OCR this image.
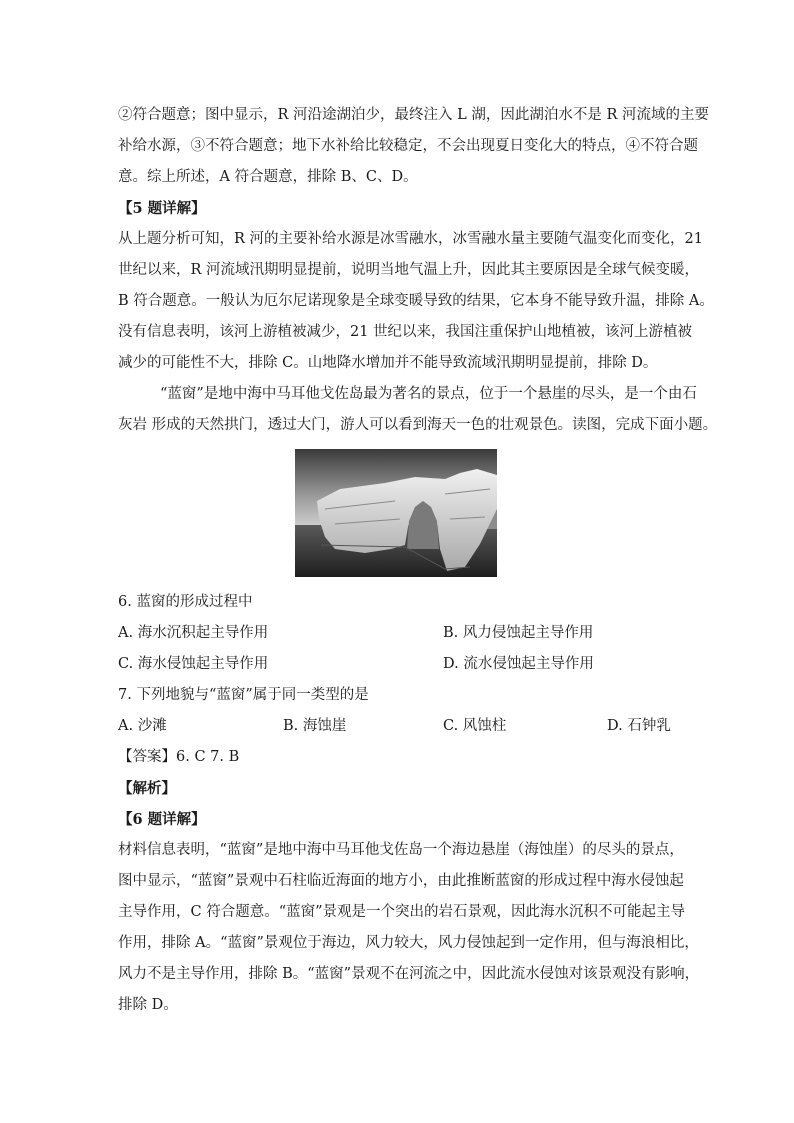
②符合题意；图中显示，R 河沿途湖泊少，最终注入 L 湖，因此湖泊水不是 R 河流域的主要
补给水源，③不符合题意；地下水补给比较稳定，不会出现夏日变化大的特点，④不符合题
意。综上所述，A 符合题意，排除 B、C、D。
【5 题详解】
从上题分析可知，R 河的主要补给水源是冰雪融水，冰雪融水量主要随气温变化而变化，21
世纪以来，R 河流域汛期明显提前，说明当地气温上升，因此其主要原因是全球气候变暖，
B 符合题意。一般认为厄尔尼诺现象是全球变暖导致的结果，它本身不能导致升温，排除 A。
没有信息表明，该河上游植被减少，21 世纪以来，我国注重保护山地植被，该河上游植被
减少的可能性不大，排除 C。山地降水增加并不能导致流域汛期明显提前，排除 D。
“蓝窗”是地中海中马耳他戈佐岛最为著名的景点，位于一个悬崖的尽头，是一个由石
灰岩 形成的天然拱门，透过大门，游人可以看到海天一色的壮观景色。读图，完成下面小题。
6. 蓝窗的形成过程中
A. 海水沉积起主导作用	B. 风力侵蚀起主导作用
C. 海水侵蚀起主导作用	D. 流水侵蚀起主导作用
7. 下列地貌与“蓝窗”属于同一类型的是
A. 沙滩	B. 海蚀崖	C. 风蚀柱	D. 石钟乳
【答案】6. C 7. B
【解析】
【6 题详解】
材料信息表明，“蓝窗”是地中海中马耳他戈佐岛一个海边悬崖（海蚀崖）的尽头的景点，
图中显示，“蓝窗”景观中石柱临近海面的地方小，由此推断蓝窗的形成过程中海水侵蚀起
主导作用，C 符合题意。“蓝窗”景观是一个突出的岩石景观，因此海水沉积不可能起主导
作用，排除 A。“蓝窗”景观位于海边，风力较大，风力侵蚀起到一定作用，但与海浪相比，
风力不是主导作用，排除 B。“蓝窗”景观不在河流之中，因此流水侵蚀对该景观没有影响，
排除 D。
